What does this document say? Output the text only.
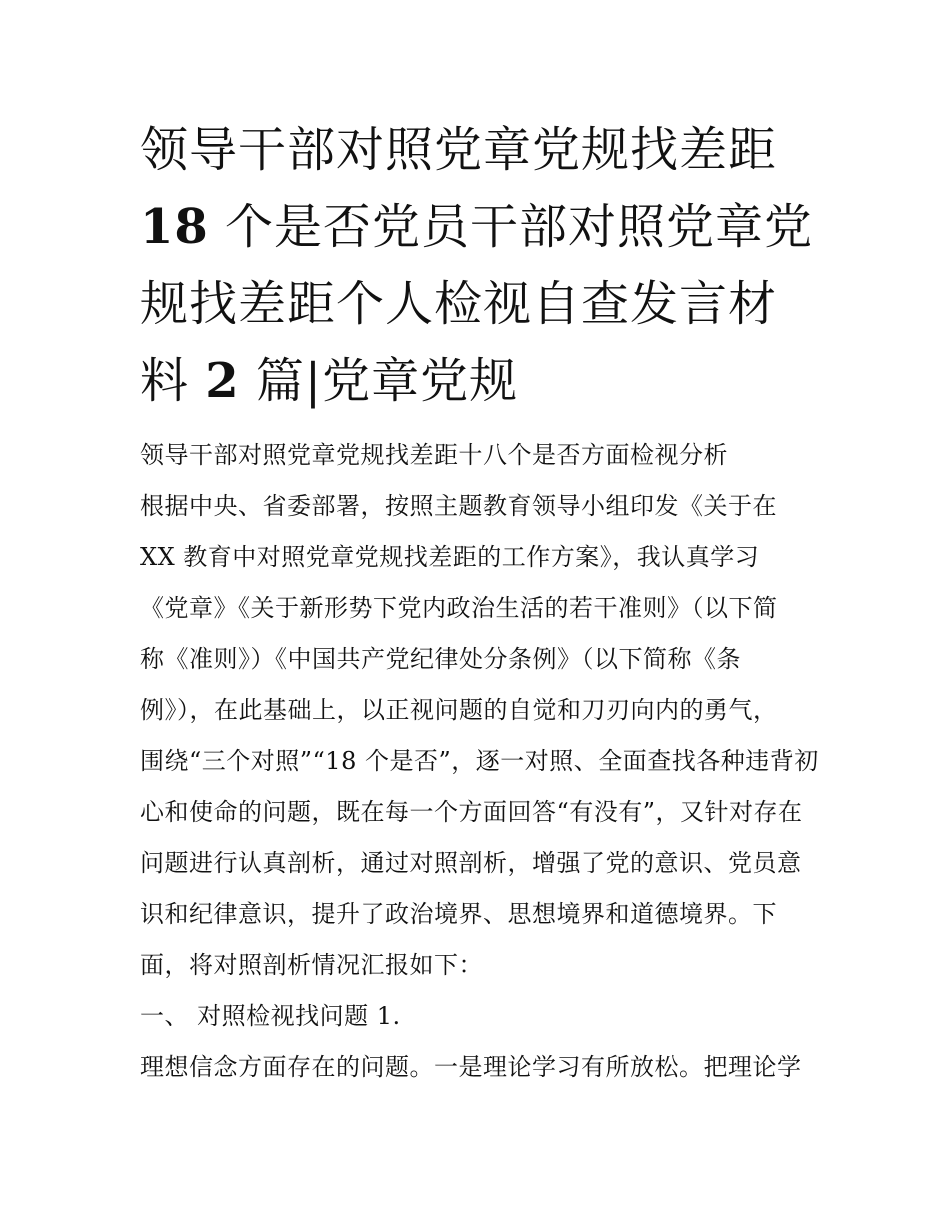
领导干部对照党章党规找差距
18 个是否党员干部对照党章党
规找差距个人检视自查发言材
料 2 篇|党章党规
领导干部对照党章党规找差距十八个是否方面检视分析
根据中央、省委部署，按照主题教育领导小组印发《关于在
XX 教育中对照党章党规找差距的工作方案》，我认真学习
《党章》《关于新形势下党内政治生活的若干准则》（以下简
称《准则》）《中国共产党纪律处分条例》（以下简称《条
例》），在此基础上，以正视问题的自觉和刀刃向内的勇气，
围绕“三个对照”“18 个是否”，逐一对照、全面查找各种违背初
心和使命的问题，既在每一个方面回答“有没有”，又针对存在
问题进行认真剖析，通过对照剖析，增强了党的意识、党员意
识和纪律意识，提升了政治境界、思想境界和道德境界。下
面，将对照剖析情况汇报如下：
一、 对照检视找问题 1.
理想信念方面存在的问题。一是理论学习有所放松。把理论学
